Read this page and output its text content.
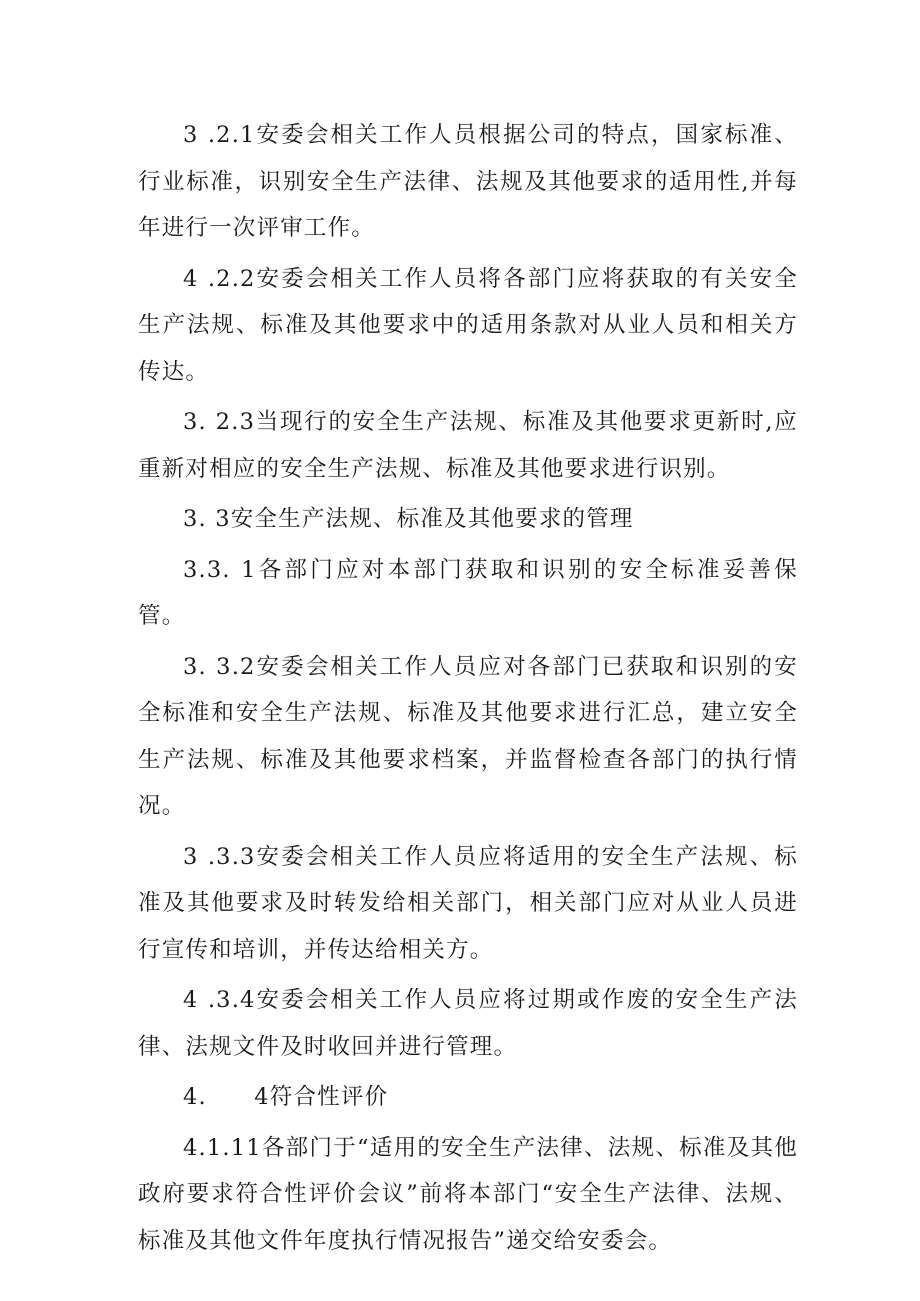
3 .2.1安委会相关工作人员根据公司的特点，国家标准、行业标准，识别安全生产法律、法规及其他要求的适用性,并每年进行一次评审工作。

4 .2.2安委会相关工作人员将各部门应将获取的有关安全生产法规、标准及其他要求中的适用条款对从业人员和相关方传达。

3. 2.3当现行的安全生产法规、标准及其他要求更新时,应重新对相应的安全生产法规、标准及其他要求进行识别。

3. 3安全生产法规、标准及其他要求的管理

3.3. 1各部门应对本部门获取和识别的安全标准妥善保管。

3. 3.2安委会相关工作人员应对各部门已获取和识别的安全标准和安全生产法规、标准及其他要求进行汇总，建立安全生产法规、标准及其他要求档案，并监督检查各部门的执行情况。

3 .3.3安委会相关工作人员应将适用的安全生产法规、标准及其他要求及时转发给相关部门，相关部门应对从业人员进行宣传和培训，并传达给相关方。

4 .3.4安委会相关工作人员应将过期或作废的安全生产法律、法规文件及时收回并进行管理。

4.　　4符合性评价

4.1.11各部门于“适用的安全生产法律、法规、标准及其他政府要求符合性评价会议”前将本部门“安全生产法律、法规、标准及其他文件年度执行情况报告”递交给安委会。
